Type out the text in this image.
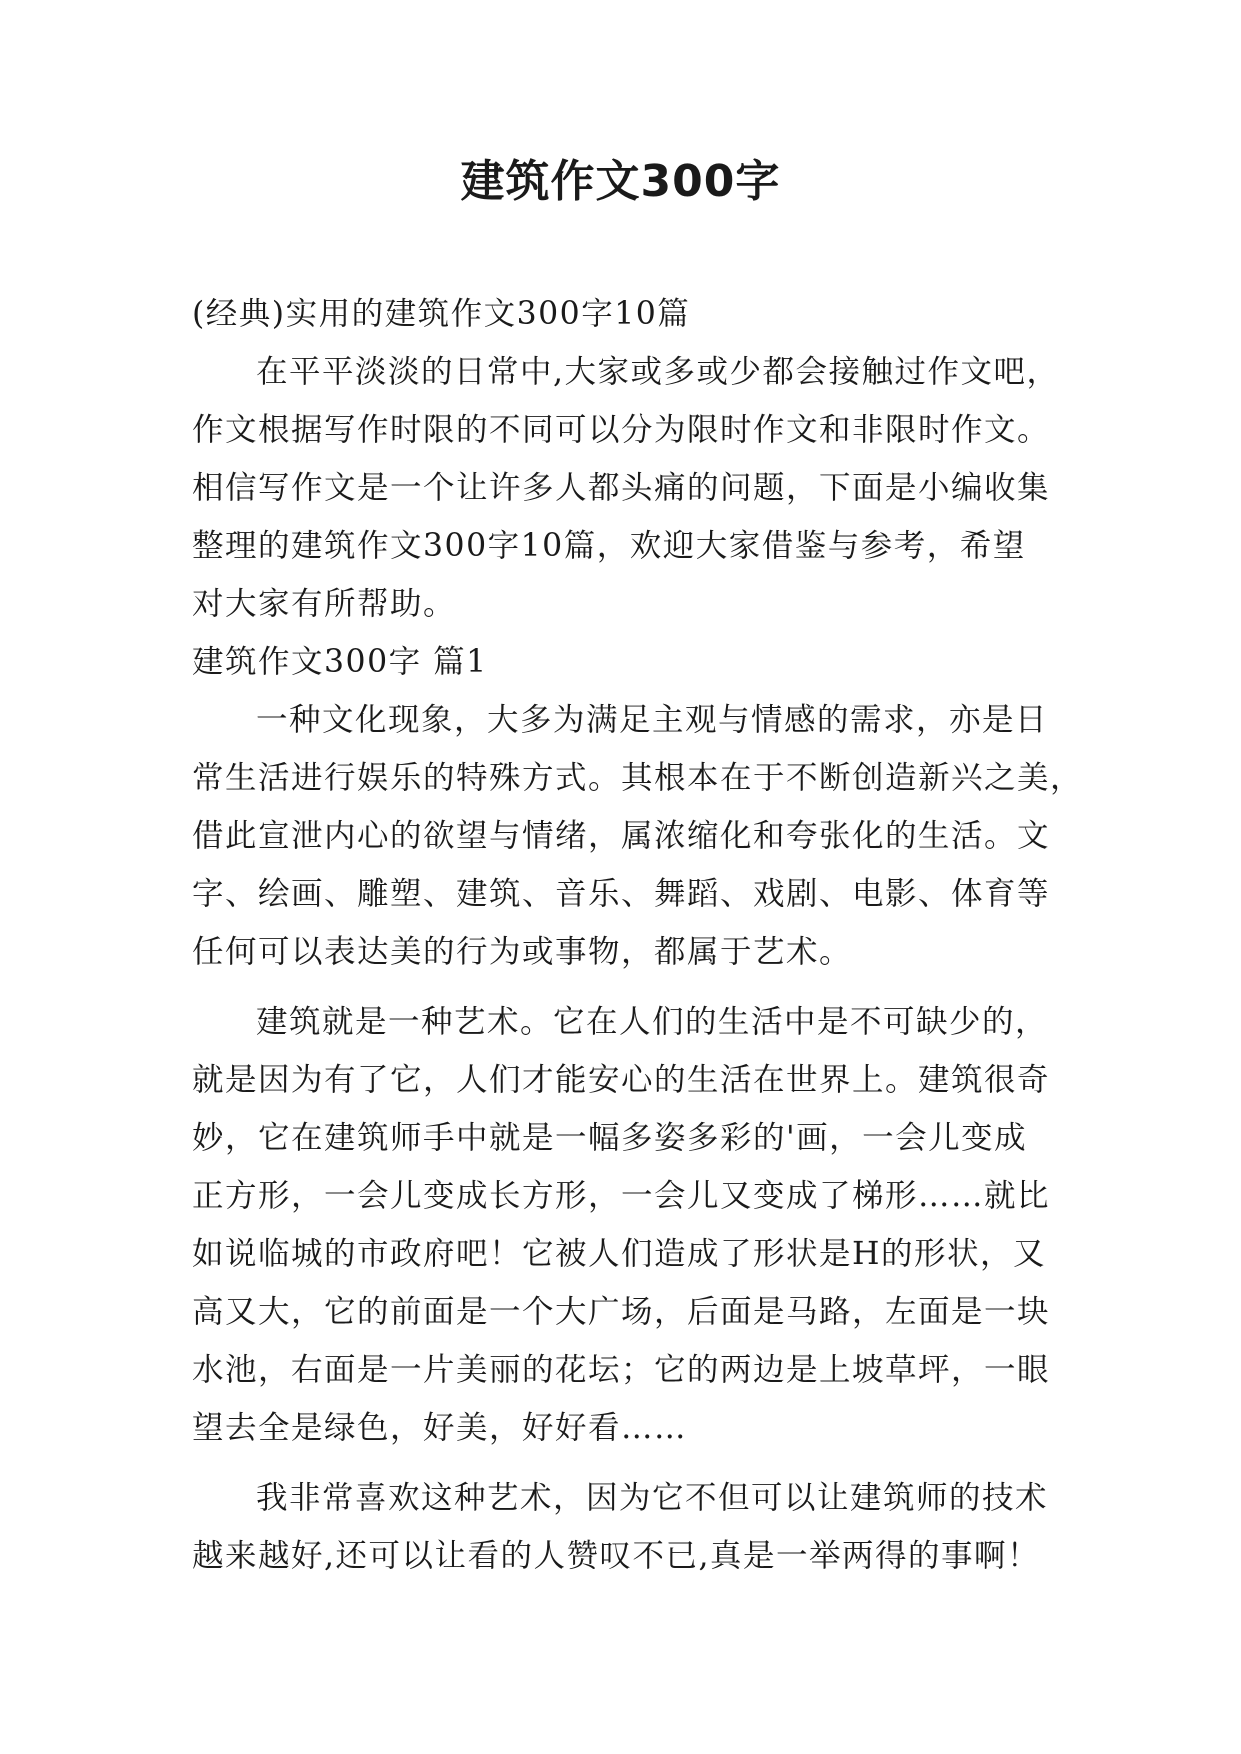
建筑作文300字

(经典)实用的建筑作文300字10篇

在平平淡淡的日常中,大家或多或少都会接触过作文吧，

作文根据写作时限的不同可以分为限时作文和非限时作文。

相信写作文是一个让许多人都头痛的问题，下面是小编收集

整理的建筑作文300字10篇，欢迎大家借鉴与参考，希望

对大家有所帮助。

建筑作文300字 篇1

一种文化现象，大多为满足主观与情感的需求，亦是日

常生活进行娱乐的特殊方式。其根本在于不断创造新兴之美，

借此宣泄内心的欲望与情绪，属浓缩化和夸张化的生活。文

字、绘画、雕塑、建筑、音乐、舞蹈、戏剧、电影、体育等

任何可以表达美的行为或事物，都属于艺术。

建筑就是一种艺术。它在人们的生活中是不可缺少的，

就是因为有了它，人们才能安心的生活在世界上。建筑很奇

妙，它在建筑师手中就是一幅多姿多彩的'画，一会儿变成

正方形，一会儿变成长方形，一会儿又变成了梯形……就比

如说临城的市政府吧！它被人们造成了形状是H的形状，又

高又大，它的前面是一个大广场，后面是马路，左面是一块

水池，右面是一片美丽的花坛；它的两边是上坡草坪，一眼

望去全是绿色，好美，好好看……

我非常喜欢这种艺术，因为它不但可以让建筑师的技术

越来越好,还可以让看的人赞叹不已,真是一举两得的事啊！
